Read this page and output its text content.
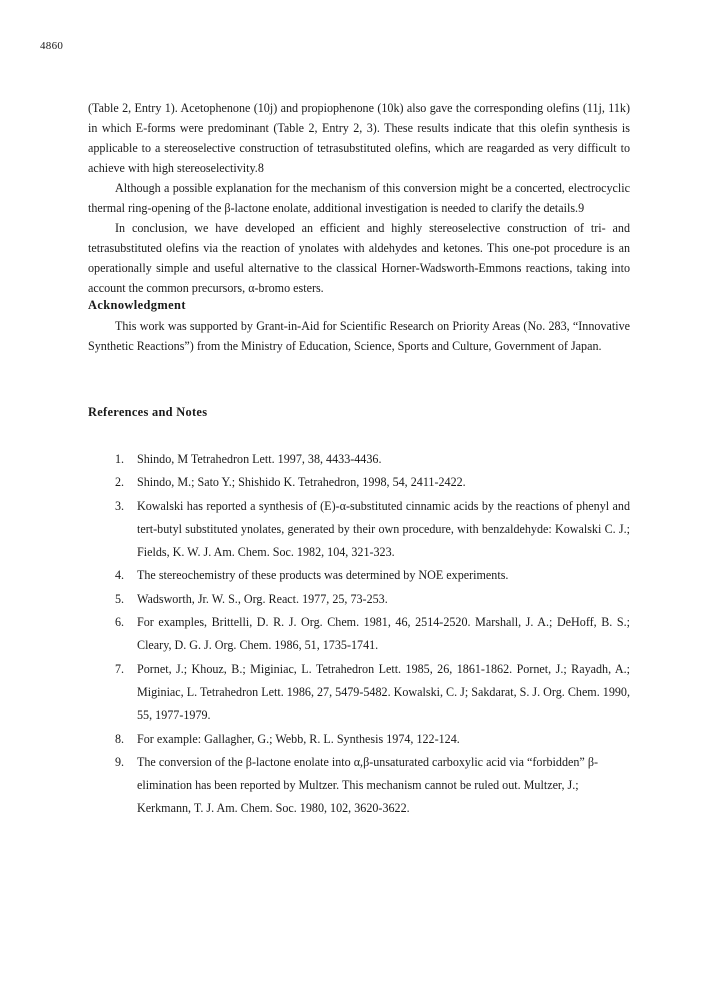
4860

(Table 2, Entry 1). Acetophenone (10j) and propiophenone (10k) also gave the corresponding olefins (11j, 11k) in which E-forms were predominant (Table 2, Entry 2, 3). These results indicate that this olefin synthesis is applicable to a stereoselective construction of tetrasubstituted olefins, which are reagarded as very difficult to achieve with high stereoselectivity.8

Although a possible explanation for the mechanism of this conversion might be a concerted, electrocyclic thermal ring-opening of the β-lactone enolate, additional investigation is needed to clarify the details.9

In conclusion, we have developed an efficient and highly stereoselective construction of tri- and tetrasubstituted olefins via the reaction of ynolates with aldehydes and ketones. This one-pot procedure is an operationally simple and useful alternative to the classical Horner-Wadsworth-Emmons reactions, taking into account the common precursors, α-bromo esters.

Acknowledgment

This work was supported by Grant-in-Aid for Scientific Research on Priority Areas (No. 283, “Innovative Synthetic Reactions”) from the Ministry of Education, Science, Sports and Culture, Government of Japan.

References and Notes
1. Shindo, M Tetrahedron Lett. 1997, 38, 4433-4436.
2. Shindo, M.; Sato Y.; Shishido K. Tetrahedron, 1998, 54, 2411-2422.
3. Kowalski has reported a synthesis of (E)-α-substituted cinnamic acids by the reactions of phenyl and tert-butyl substituted ynolates, generated by their own procedure, with benzaldehyde: Kowalski C. J.; Fields, K. W. J. Am. Chem. Soc. 1982, 104, 321-323.
4. The stereochemistry of these products was determined by NOE experiments.
5. Wadsworth, Jr. W. S., Org. React. 1977, 25, 73-253.
6. For examples, Brittelli, D. R. J. Org. Chem. 1981, 46, 2514-2520. Marshall, J. A.; DeHoff, B. S.; Cleary, D. G. J. Org. Chem. 1986, 51, 1735-1741.
7. Pornet, J.; Khouz, B.; Miginiac, L. Tetrahedron Lett. 1985, 26, 1861-1862. Pornet, J.; Rayadh, A.; Miginiac, L. Tetrahedron Lett. 1986, 27, 5479-5482. Kowalski, C. J; Sakdarat, S. J. Org. Chem. 1990, 55, 1977-1979.
8. For example: Gallagher, G.; Webb, R. L. Synthesis 1974, 122-124.
9. The conversion of the β-lactone enolate into α,β-unsaturated carboxylic acid via “forbidden” β-elimination has been reported by Multzer. This mechanism cannot be ruled out. Multzer, J.; Kerkmann, T. J. Am. Chem. Soc. 1980, 102, 3620-3622.
